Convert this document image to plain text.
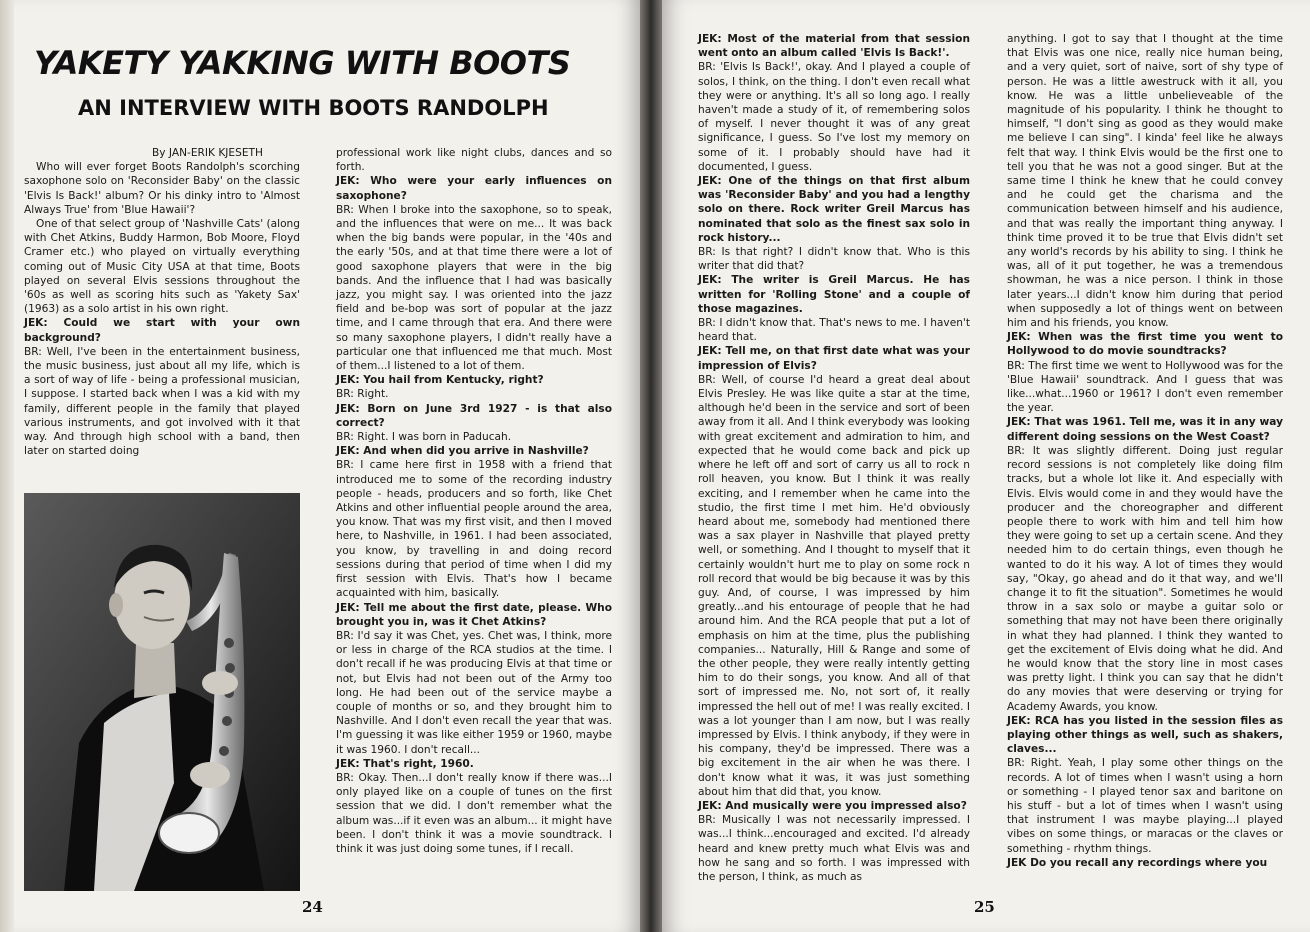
YAKETY YAKKING WITH BOOTS
AN INTERVIEW WITH BOOTS RANDOLPH

By JAN-ERIK KJESETH

Who will ever forget Boots Randolph's scorching saxophone solo on 'Reconsider Baby' on the classic 'Elvis Is Back!' album? Or his dinky intro to 'Almost Always True' from 'Blue Hawaii'?

One of that select group of 'Nashville Cats' (along with Chet Atkins, Buddy Harmon, Bob Moore, Floyd Cramer etc.) who played on virtually everything coming out of Music City USA at that time, Boots played on several Elvis sessions throughout the '60s as well as scoring hits such as 'Yakety Sax' (1963) as a solo artist in his own right.

JEK: Could we start with your own background?

BR: Well, I've been in the entertainment business, the music business, just about all my life, which is a sort of way of life - being a professional musician, I suppose. I started back when I was a kid with my family, different people in the family that played various instruments, and got involved with it that way. And through high school with a band, then later on started doing

professional work like night clubs, dances and so forth.

JEK: Who were your early influences on saxophone?

BR: When I broke into the saxophone, so to speak, and the influences that were on me... It was back when the big bands were popular, in the '40s and the early '50s, and at that time there were a lot of good saxophone players that were in the big bands. And the influence that I had was basically jazz, you might say. I was oriented into the jazz field and be-bop was sort of popular at the jazz time, and I came through that era. And there were so many saxophone players, I didn't really have a particular one that influenced me that much. Most of them...I listened to a lot of them.

JEK: You hail from Kentucky, right?

BR: Right.

JEK: Born on June 3rd 1927 - is that also correct?

BR: Right. I was born in Paducah.

JEK: And when did you arrive in Nashville?

BR: I came here first in 1958 with a friend that introduced me to some of the recording industry people - heads, producers and so forth, like Chet Atkins and other influential people around the area, you know. That was my first visit, and then I moved here, to Nashville, in 1961. I had been associated, you know, by travelling in and doing record sessions during that period of time when I did my first session with Elvis. That's how I became acquainted with him, basically.

JEK: Tell me about the first date, please. Who brought you in, was it Chet Atkins?

BR: I'd say it was Chet, yes. Chet was, I think, more or less in charge of the RCA studios at the time. I don't recall if he was producing Elvis at that time or not, but Elvis had not been out of the Army too long. He had been out of the service maybe a couple of months or so, and they brought him to Nashville. And I don't even recall the year that was. I'm guessing it was like either 1959 or 1960, maybe it was 1960. I don't recall...

JEK: That's right, 1960.

BR: Okay. Then...I don't really know if there was...I only played like on a couple of tunes on the first session that we did. I don't remember what the album was...if it even was an album... it might have been. I don't think it was a movie soundtrack. I think it was just doing some tunes, if I recall.

24

JEK: Most of the material from that session went onto an album called 'Elvis Is Back!'.

BR: 'Elvis Is Back!', okay. And I played a couple of solos, I think, on the thing. I don't even recall what they were or anything. It's all so long ago. I really haven't made a study of it, of remembering solos of myself. I never thought it was of any great significance, I guess. So I've lost my memory on some of it. I probably should have had it documented, I guess.

JEK: One of the things on that first album was 'Reconsider Baby' and you had a lengthy solo on there. Rock writer Greil Marcus has nominated that solo as the finest sax solo in rock history...

BR: Is that right? I didn't know that. Who is this writer that did that?

JEK: The writer is Greil Marcus. He has written for 'Rolling Stone' and a couple of those magazines.

BR: I didn't know that. That's news to me. I haven't heard that.

JEK: Tell me, on that first date what was your impression of Elvis?

BR: Well, of course I'd heard a great deal about Elvis Presley. He was like quite a star at the time, although he'd been in the service and sort of been away from it all. And I think everybody was looking with great excitement and admiration to him, and expected that he would come back and pick up where he left off and sort of carry us all to rock n roll heaven, you know. But I think it was really exciting, and I remember when he came into the studio, the first time I met him. He'd obviously heard about me, somebody had mentioned there was a sax player in Nashville that played pretty well, or something. And I thought to myself that it certainly wouldn't hurt me to play on some rock n roll record that would be big because it was by this guy. And, of course, I was impressed by him greatly...and his entourage of people that he had around him. And the RCA people that put a lot of emphasis on him at the time, plus the publishing companies... Naturally, Hill & Range and some of the other people, they were really intently getting him to do their songs, you know. And all of that sort of impressed me. No, not sort of, it really impressed the hell out of me! I was really excited. I was a lot younger than I am now, but I was really impressed by Elvis. I think anybody, if they were in his company, they'd be impressed. There was a big excitement in the air when he was there. I don't know what it was, it was just something about him that did that, you know.

JEK: And musically were you impressed also?

BR: Musically I was not necessarily impressed. I was...I think...encouraged and excited. I'd already heard and knew pretty much what Elvis was and how he sang and so forth. I was impressed with the person, I think, as much as

anything. I got to say that I thought at the time that Elvis was one nice, really nice human being, and a very quiet, sort of naive, sort of shy type of person. He was a little awestruck with it all, you know. He was a little unbelieveable of the magnitude of his popularity. I think he thought to himself, "I don't sing as good as they would make me believe I can sing". I kinda' feel like he always felt that way. I think Elvis would be the first one to tell you that he was not a good singer. But at the same time I think he knew that he could convey and he could get the charisma and the communication between himself and his audience, and that was really the important thing anyway. I think time proved it to be true that Elvis didn't set any world's records by his ability to sing. I think he was, all of it put together, he was a tremendous showman, he was a nice person. I think in those later years...I didn't know him during that period when supposedly a lot of things went on between him and his friends, you know.

JEK: When was the first time you went to Hollywood to do movie soundtracks?

BR: The first time we went to Hollywood was for the 'Blue Hawaii' soundtrack. And I guess that was like...what...1960 or 1961? I don't even remember the year.

JEK: That was 1961. Tell me, was it in any way different doing sessions on the West Coast?

BR: It was slightly different. Doing just regular record sessions is not completely like doing film tracks, but a whole lot like it. And especially with Elvis. Elvis would come in and they would have the producer and the choreographer and different people there to work with him and tell him how they were going to set up a certain scene. And they needed him to do certain things, even though he wanted to do it his way. A lot of times they would say, "Okay, go ahead and do it that way, and we'll change it to fit the situation". Sometimes he would throw in a sax solo or maybe a guitar solo or something that may not have been there originally in what they had planned. I think they wanted to get the excitement of Elvis doing what he did. And he would know that the story line in most cases was pretty light. I think you can say that he didn't do any movies that were deserving or trying for Academy Awards, you know.

JEK: RCA has you listed in the session files as playing other things as well, such as shakers, claves...

BR: Right. Yeah, I play some other things on the records. A lot of times when I wasn't using a horn or something - I played tenor sax and baritone on his stuff - but a lot of times when I wasn't using that instrument I was maybe playing...I played vibes on some things, or maracas or the claves or something - rhythm things.

JEK Do you recall any recordings where you

25
